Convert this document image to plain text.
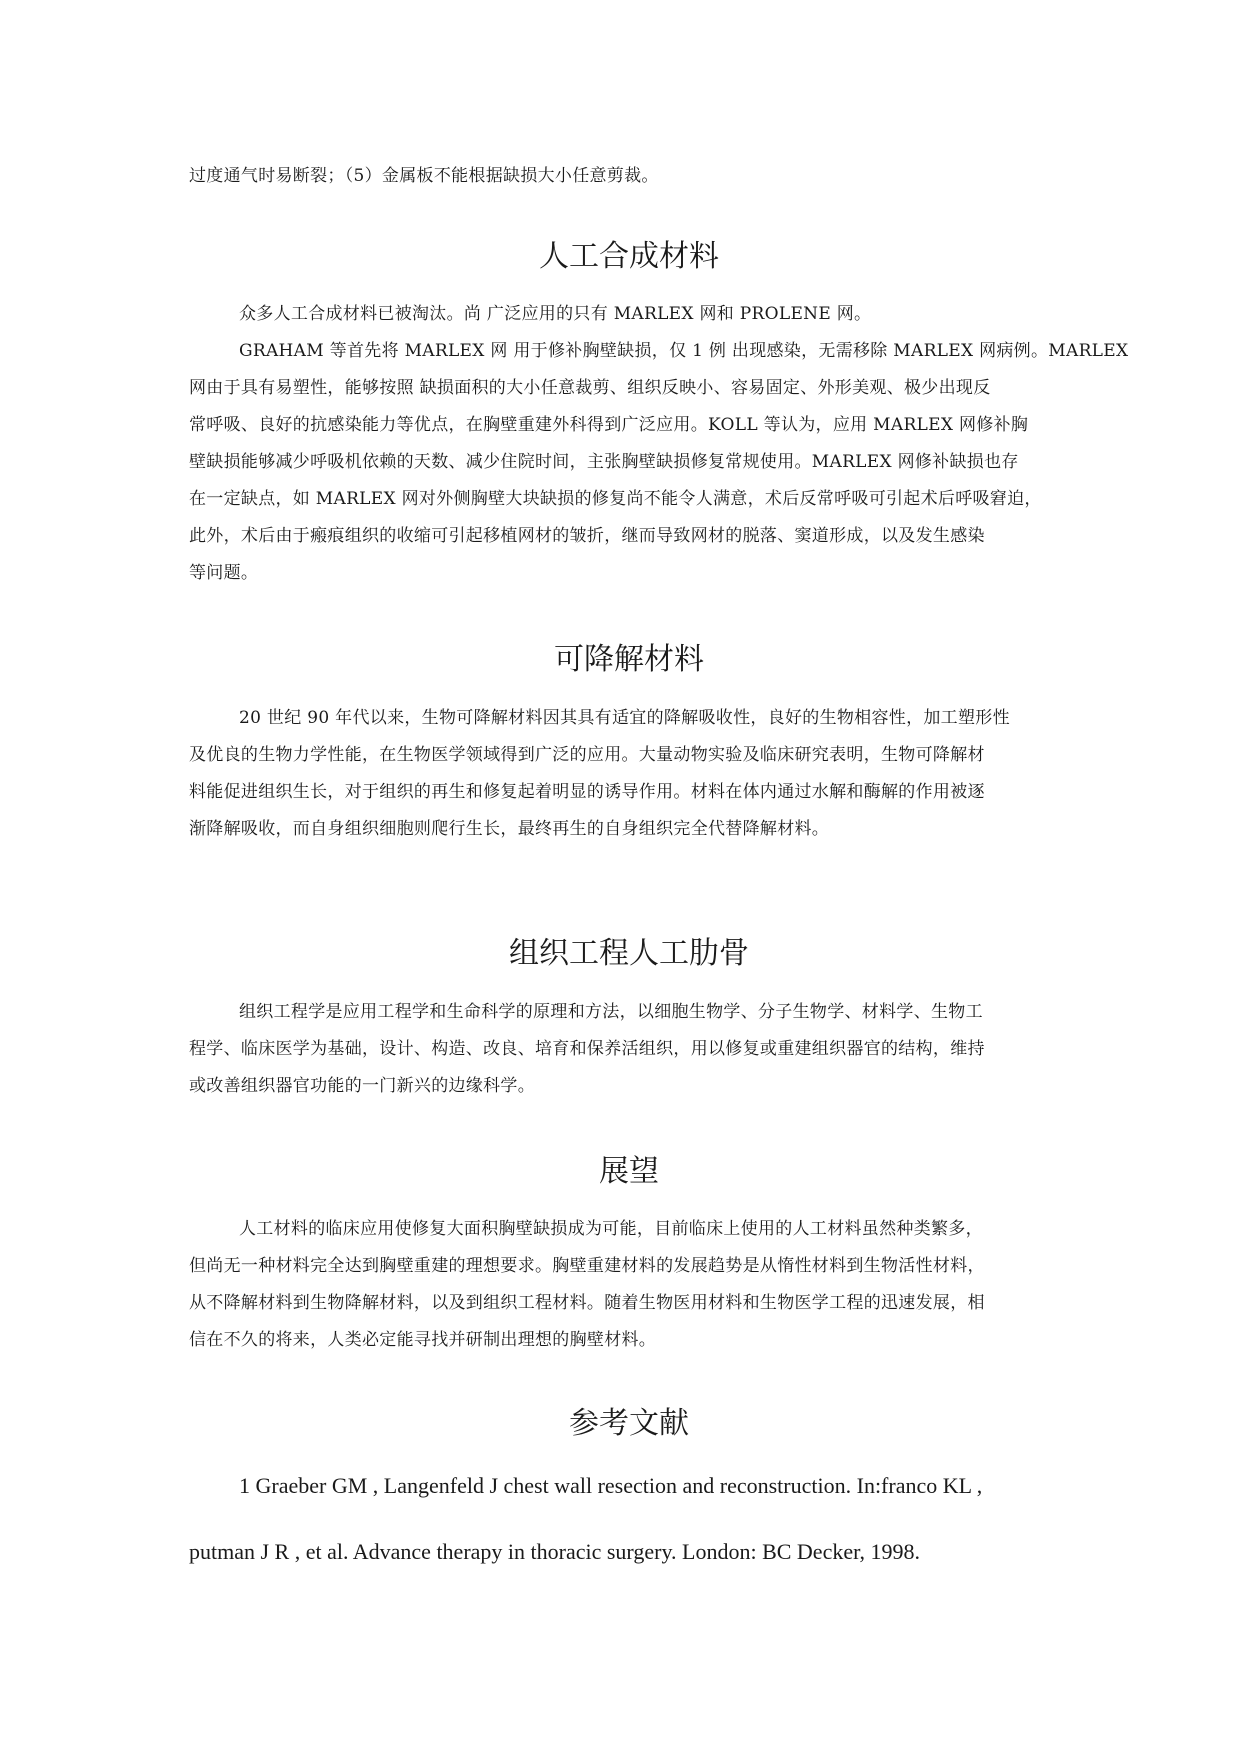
过度通气时易断裂；（5）金属板不能根据缺损大小任意剪裁。
人工合成材料
众多人工合成材料已被淘汰。尚 广泛应用的只有 MARLEX 网和 PROLENE 网。
GRAHAM 等首先将 MARLEX 网 用于修补胸壁缺损，仅 1 例 出现感染，无需移除 MARLEX 网病例。MARLEX
网由于具有易塑性，能够按照 缺损面积的大小任意裁剪、组织反映小、容易固定、外形美观、极少出现反
常呼吸、良好的抗感染能力等优点，在胸壁重建外科得到广泛应用。KOLL 等认为，应用 MARLEX 网修补胸
壁缺损能够减少呼吸机依赖的天数、减少住院时间，主张胸壁缺损修复常规使用。MARLEX 网修补缺损也存
在一定缺点，如 MARLEX 网对外侧胸壁大块缺损的修复尚不能令人满意，术后反常呼吸可引起术后呼吸窘迫，
此外，术后由于瘢痕组织的收缩可引起移植网材的皱折，继而导致网材的脱落、窦道形成，以及发生感染
等问题。
可降解材料
20 世纪 90 年代以来，生物可降解材料因其具有适宜的降解吸收性，良好的生物相容性，加工塑形性
及优良的生物力学性能，在生物医学领域得到广泛的应用。大量动物实验及临床研究表明，生物可降解材
料能促进组织生长，对于组织的再生和修复起着明显的诱导作用。材料在体内通过水解和酶解的作用被逐
渐降解吸收，而自身组织细胞则爬行生长，最终再生的自身组织完全代替降解材料。
组织工程人工肋骨
组织工程学是应用工程学和生命科学的原理和方法，以细胞生物学、分子生物学、材料学、生物工
程学、临床医学为基础，设计、构造、改良、培育和保养活组织，用以修复或重建组织器官的结构，维持
或改善组织器官功能的一门新兴的边缘科学。
展望
人工材料的临床应用使修复大面积胸壁缺损成为可能，目前临床上使用的人工材料虽然种类繁多，
但尚无一种材料完全达到胸壁重建的理想要求。胸壁重建材料的发展趋势是从惰性材料到生物活性材料，
从不降解材料到生物降解材料，以及到组织工程材料。随着生物医用材料和生物医学工程的迅速发展，相
信在不久的将来，人类必定能寻找并研制出理想的胸壁材料。
参考文献
1 Graeber GM , Langenfeld J chest wall resection and reconstruction. In:franco KL ,
putman J R , et al. Advance therapy in thoracic surgery. London: BC Decker, 1998.
